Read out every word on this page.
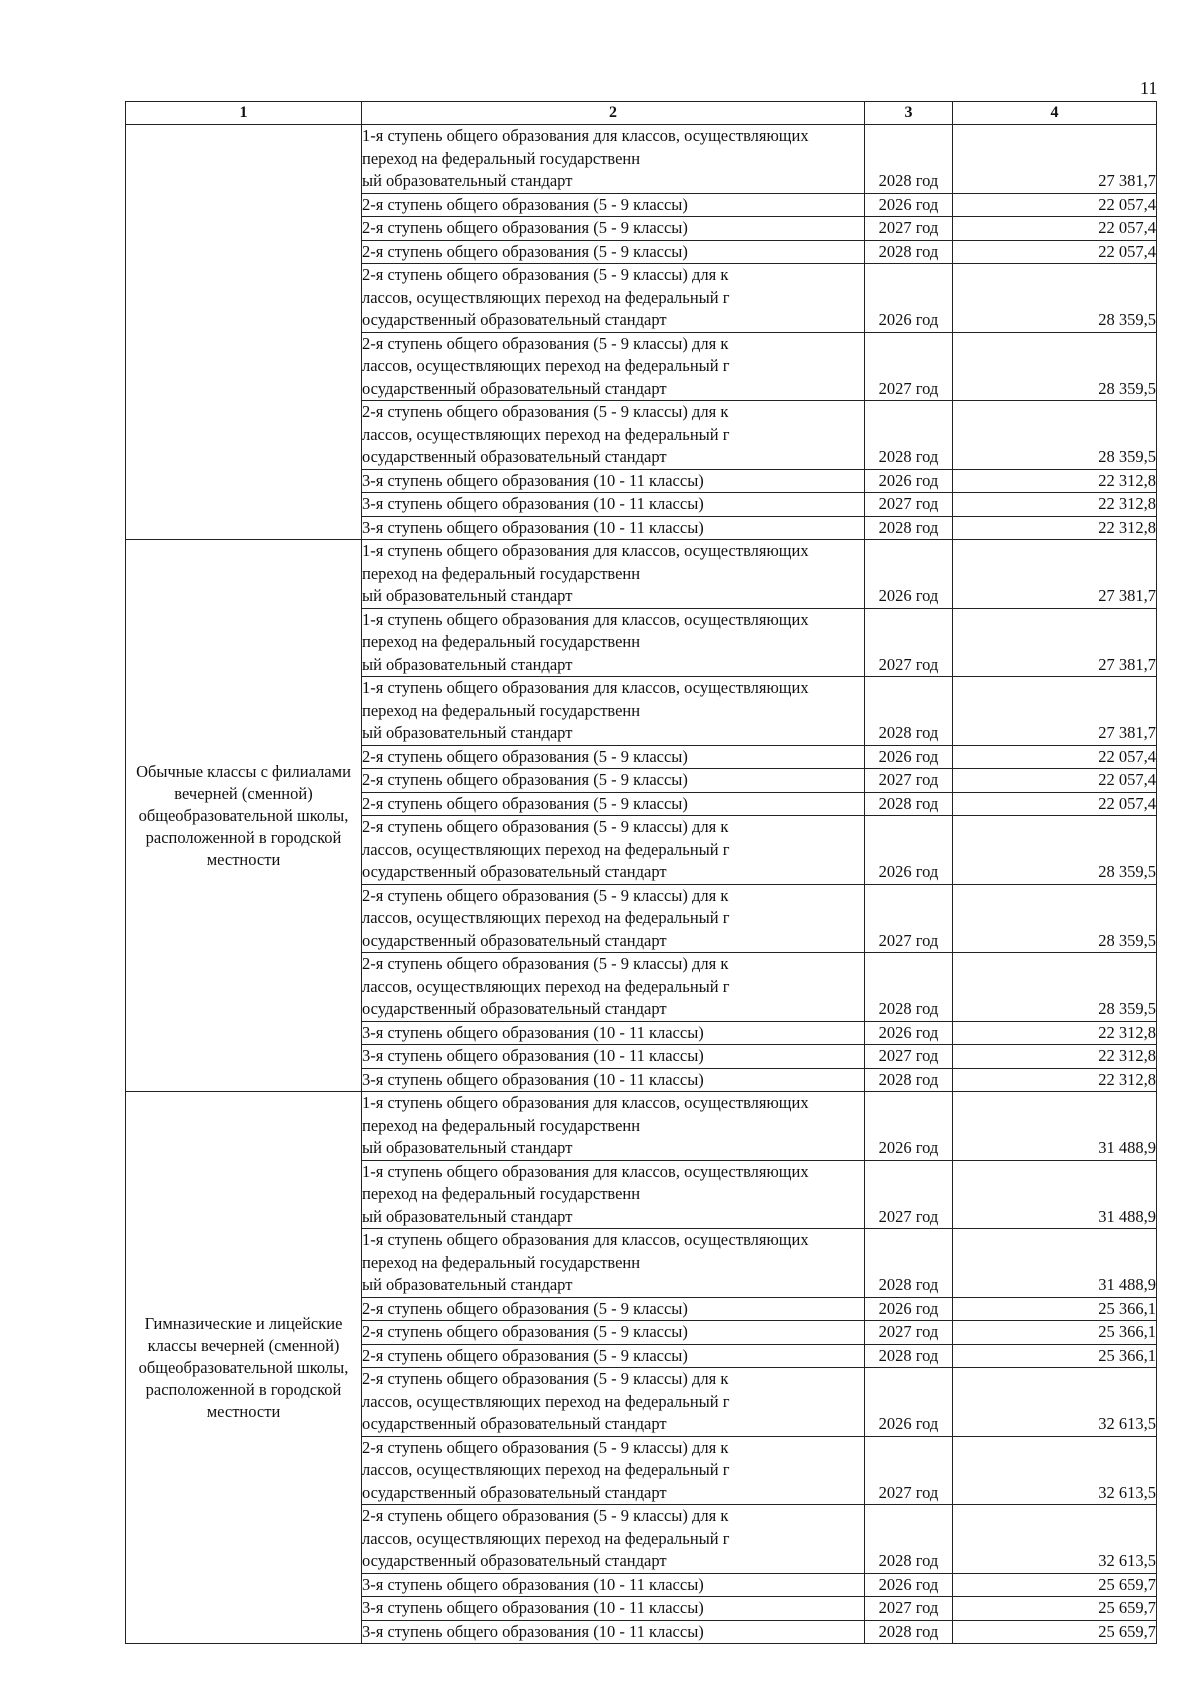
11
1	2	3	4

	1-я ступень общего образования для классов, осуществляющих
переход на федеральный государственн
ый образовательный стандарт	2028 год	27 381,7

	2-я ступень общего образования (5 - 9 классы)	2026 год	22 057,4

	2-я ступень общего образования (5 - 9 классы)	2027 год	22 057,4

	2-я ступень общего образования (5 - 9 классы)	2028 год	22 057,4

	2-я ступень общего образования (5 - 9 классы) для к
лассов, осуществляющих переход на федеральный г
осударственный образовательный стандарт	2026 год	28 359,5

	2-я ступень общего образования (5 - 9 классы) для к
лассов, осуществляющих переход на федеральный г
осударственный образовательный стандарт	2027 год	28 359,5

	2-я ступень общего образования (5 - 9 классы) для к
лассов, осуществляющих переход на федеральный г
осударственный образовательный стандарт	2028 год	28 359,5

	3-я ступень общего образования (10 - 11 классы)	2026 год	22 312,8

	3-я ступень общего образования (10 - 11 классы)	2027 год	22 312,8

	3-я ступень общего образования (10 - 11 классы)	2028 год	22 312,8

Обычные классы с филиалами вечерней (сменной) общеобразовательной школы, расположенной в городской местности	1-я ступень общего образования для классов, осуществляющих
переход на федеральный государственн
ый образовательный стандарт	2026 год	27 381,7

	1-я ступень общего образования для классов, осуществляющих
переход на федеральный государственн
ый образовательный стандарт	2027 год	27 381,7

	1-я ступень общего образования для классов, осуществляющих
переход на федеральный государственн
ый образовательный стандарт	2028 год	27 381,7

	2-я ступень общего образования (5 - 9 классы)	2026 год	22 057,4

	2-я ступень общего образования (5 - 9 классы)	2027 год	22 057,4

	2-я ступень общего образования (5 - 9 классы)	2028 год	22 057,4

	2-я ступень общего образования (5 - 9 классы) для к
лассов, осуществляющих переход на федеральный г
осударственный образовательный стандарт	2026 год	28 359,5

	2-я ступень общего образования (5 - 9 классы) для к
лассов, осуществляющих переход на федеральный г
осударственный образовательный стандарт	2027 год	28 359,5

	2-я ступень общего образования (5 - 9 классы) для к
лассов, осуществляющих переход на федеральный г
осударственный образовательный стандарт	2028 год	28 359,5

	3-я ступень общего образования (10 - 11 классы)	2026 год	22 312,8

	3-я ступень общего образования (10 - 11 классы)	2027 год	22 312,8

	3-я ступень общего образования (10 - 11 классы)	2028 год	22 312,8

Гимназические и лицейские классы вечерней (сменной) общеобразовательной школы, расположенной в городской местности	1-я ступень общего образования для классов, осуществляющих
переход на федеральный государственн
ый образовательный стандарт	2026 год	31 488,9

	1-я ступень общего образования для классов, осуществляющих
переход на федеральный государственн
ый образовательный стандарт	2027 год	31 488,9

	1-я ступень общего образования для классов, осуществляющих
переход на федеральный государственн
ый образовательный стандарт	2028 год	31 488,9

	2-я ступень общего образования (5 - 9 классы)	2026 год	25 366,1

	2-я ступень общего образования (5 - 9 классы)	2027 год	25 366,1

	2-я ступень общего образования (5 - 9 классы)	2028 год	25 366,1

	2-я ступень общего образования (5 - 9 классы) для к
лассов, осуществляющих переход на федеральный г
осударственный образовательный стандарт	2026 год	32 613,5

	2-я ступень общего образования (5 - 9 классы) для к
лассов, осуществляющих переход на федеральный г
осударственный образовательный стандарт	2027 год	32 613,5

	2-я ступень общего образования (5 - 9 классы) для к
лассов, осуществляющих переход на федеральный г
осударственный образовательный стандарт	2028 год	32 613,5

	3-я ступень общего образования (10 - 11 классы)	2026 год	25 659,7

	3-я ступень общего образования (10 - 11 классы)	2027 год	25 659,7

	3-я ступень общего образования (10 - 11 классы)	2028 год	25 659,7
